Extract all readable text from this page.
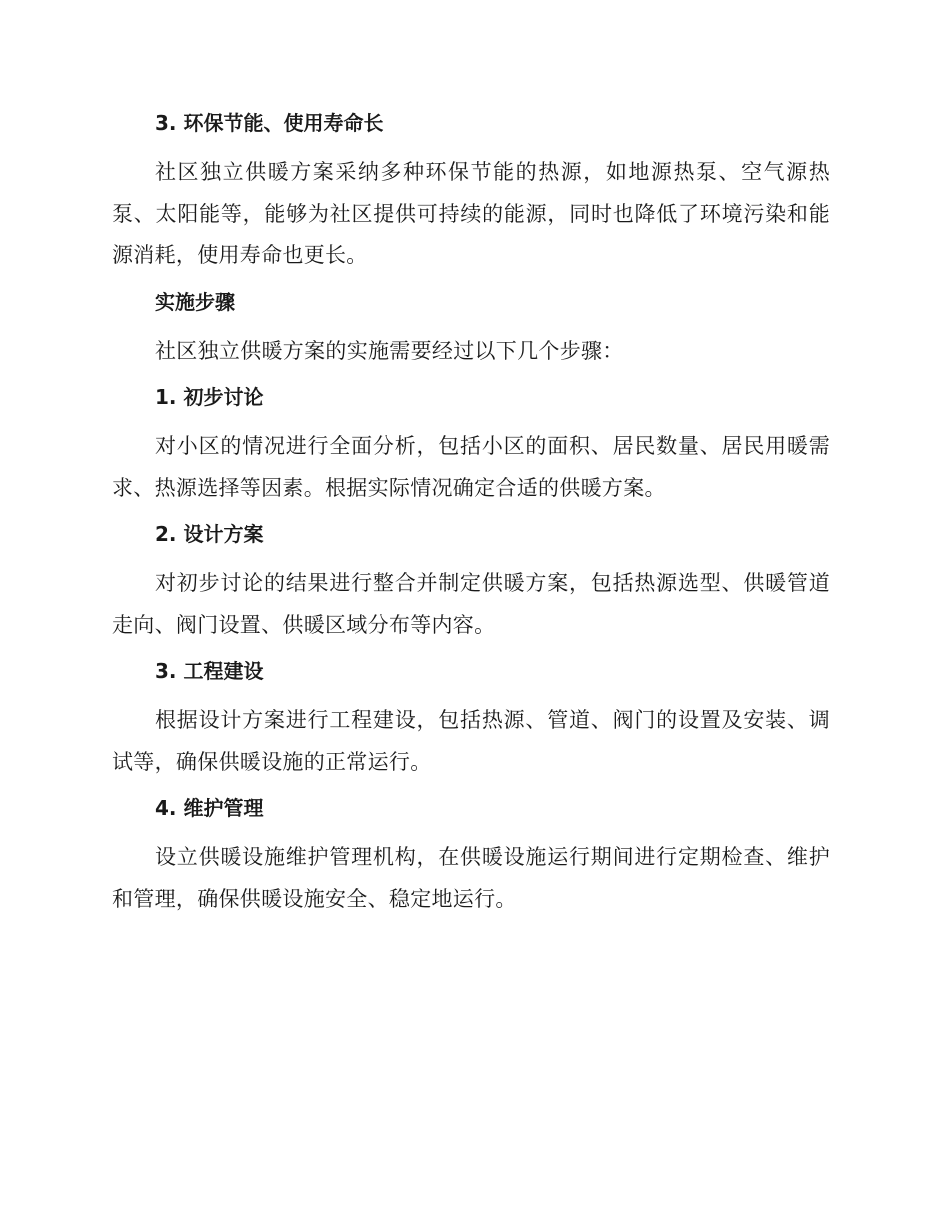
3. 环保节能、使用寿命长
社区独立供暖方案采纳多种环保节能的热源，如地源热泵、空气源热泵、太阳能等，能够为社区提供可持续的能源，同时也降低了环境污染和能源消耗，使用寿命也更长。
实施步骤
社区独立供暖方案的实施需要经过以下几个步骤：
1. 初步讨论
对小区的情况进行全面分析，包括小区的面积、居民数量、居民用暖需求、热源选择等因素。根据实际情况确定合适的供暖方案。
2. 设计方案
对初步讨论的结果进行整合并制定供暖方案，包括热源选型、供暖管道走向、阀门设置、供暖区域分布等内容。
3. 工程建设
根据设计方案进行工程建设，包括热源、管道、阀门的设置及安装、调试等，确保供暖设施的正常运行。
4. 维护管理
设立供暖设施维护管理机构，在供暖设施运行期间进行定期检查、维护和管理，确保供暖设施安全、稳定地运行。
